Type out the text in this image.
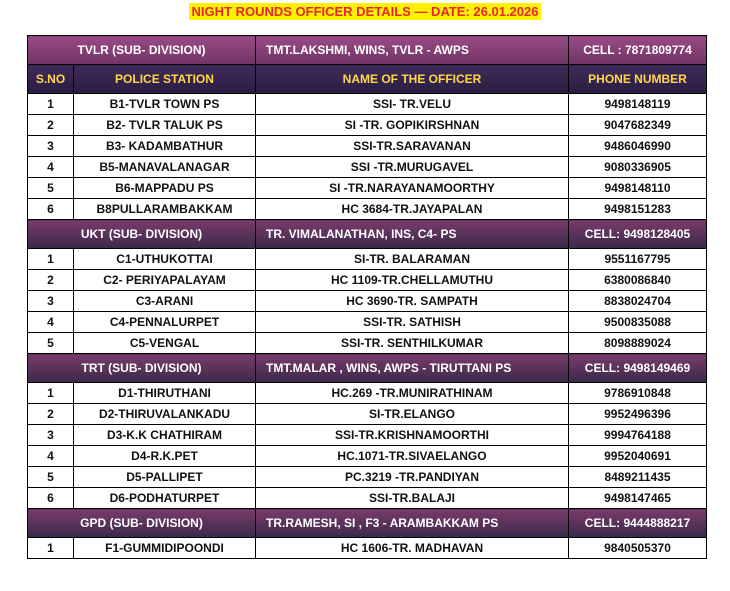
NIGHT ROUNDS OFFICER DETAILS — DATE: 26.01.2026
TVLR (SUB- DIVISION)		TMT.LAKSHMI, WINS, TVLR - AWPS	CELL : 7871809774
S.NO	POLICE STATION	NAME OF THE OFFICER	PHONE NUMBER
1	B1-TVLR TOWN PS	SSI- TR.VELU	9498148119
2	B2- TVLR TALUK PS	SI -TR. GOPIKIRSHNAN	9047682349
3	B3- KADAMBATHUR	SSI-TR.SARAVANAN	9486046990
4	B5-MANAVALANAGAR	SSI -TR.MURUGAVEL	9080336905
5	B6-MAPPADU PS	SI -TR.NARAYANAMOORTHY	9498148110
6	B8PULLARAMBAKKAM	HC 3684-TR.JAYAPALAN	9498151283
UKT (SUB- DIVISION)		TR. VIMALANATHAN, INS, C4- PS	CELL: 9498128405
1	C1-UTHUKOTTAI	SI-TR. BALARAMAN	9551167795
2	C2- PERIYAPALAYAM	HC 1109-TR.CHELLAMUTHU	6380086840
3	C3-ARANI	HC 3690-TR. SAMPATH	8838024704
4	C4-PENNALURPET	SSI-TR. SATHISH	9500835088
5	C5-VENGAL	SSI-TR. SENTHILKUMAR	8098889024
TRT (SUB- DIVISION)		TMT.MALAR , WINS, AWPS - TIRUTTANI PS	CELL: 9498149469
1	D1-THIRUTHANI	HC.269 -TR.MUNIRATHINAM	9786910848
2	D2-THIRUVALANKADU	SI-TR.ELANGO	9952496396
3	D3-K.K CHATHIRAM	SSI-TR.KRISHNAMOORTHI	9994764188
4	D4-R.K.PET	HC.1071-TR.SIVAELANGO	9952040691
5	D5-PALLIPET	PC.3219 -TR.PANDIYAN	8489211435
6	D6-PODHATURPET	SSI-TR.BALAJI	9498147465
GPD (SUB- DIVISION)		TR.RAMESH, SI , F3 - ARAMBAKKAM PS	CELL: 9444888217
1	F1-GUMMIDIPOONDI	HC 1606-TR. MADHAVAN	9840505370
